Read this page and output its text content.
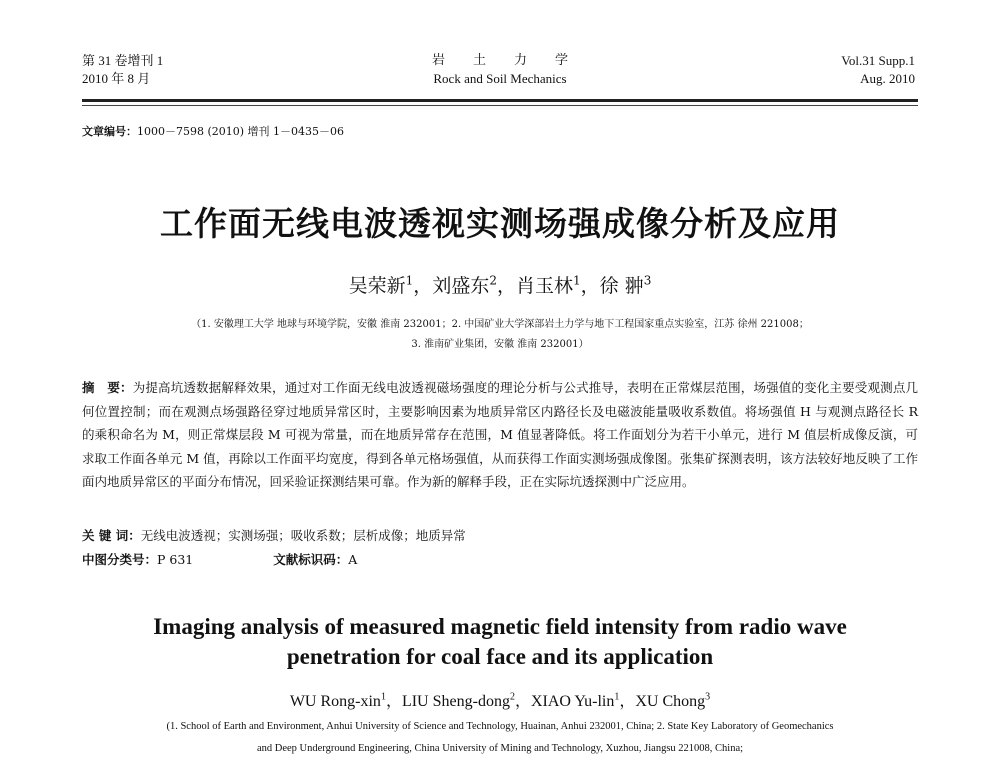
第 31 卷增刊 1
2010 年 8 月
岩土力学
Rock and Soil Mechanics
Vol.31 Supp.1
Aug. 2010
文章编号：1000－7598 (2010) 增刊 1－0435－06
工作面无线电波透视实测场强成像分析及应用
吴荣新$^1$，刘盛东$^2$，肖玉林$^1$，徐 翀$^3$
（1. 安徽理工大学 地球与环境学院，安徽 淮南 232001；2. 中国矿业大学深部岩土力学与地下工程国家重点实验室，江苏 徐州 221008；
3. 淮南矿业集团，安徽 淮南 232001）
摘　要：为提高坑透数据解释效果，通过对工作面无线电波透视磁场强度的理论分析与公式推导，表明在正常煤层范围，场强值的变化主要受观测点几何位置控制；而在观测点场强路径穿过地质异常区时，主要影响因素为地质异常区内路径长及电磁波能量吸收系数值。将场强值 H 与观测点路径长 R 的乘积命名为 M，则正常煤层段 M 可视为常量，而在地质异常存在范围，M 值显著降低。将工作面划分为若干小单元，进行 M 值层析成像反演，可求取工作面各单元 M 值，再除以工作面平均宽度，得到各单元格场强值，从而获得工作面实测场强成像图。张集矿探测表明，该方法较好地反映了工作面内地质异常区的平面分布情况，回采验证探测结果可靠。作为新的解释手段，正在实际坑透探测中广泛应用。
关 键 词：无线电波透视；实测场强；吸收系数；层析成像；地质异常
中图分类号：P 631	文献标识码：A
Imaging analysis of measured magnetic field intensity from radio wave
penetration for coal face and its application
WU Rong-xin$^1$，LIU Sheng-dong$^2$，XIAO Yu-lin$^1$，XU Chong$^3$
(1. School of Earth and Environment, Anhui University of Science and Technology, Huainan, Anhui 232001, China; 2. State Key Laboratory of Geomechanics
and Deep Underground Engineering, China University of Mining and Technology, Xuzhou, Jiangsu 221008, China;
